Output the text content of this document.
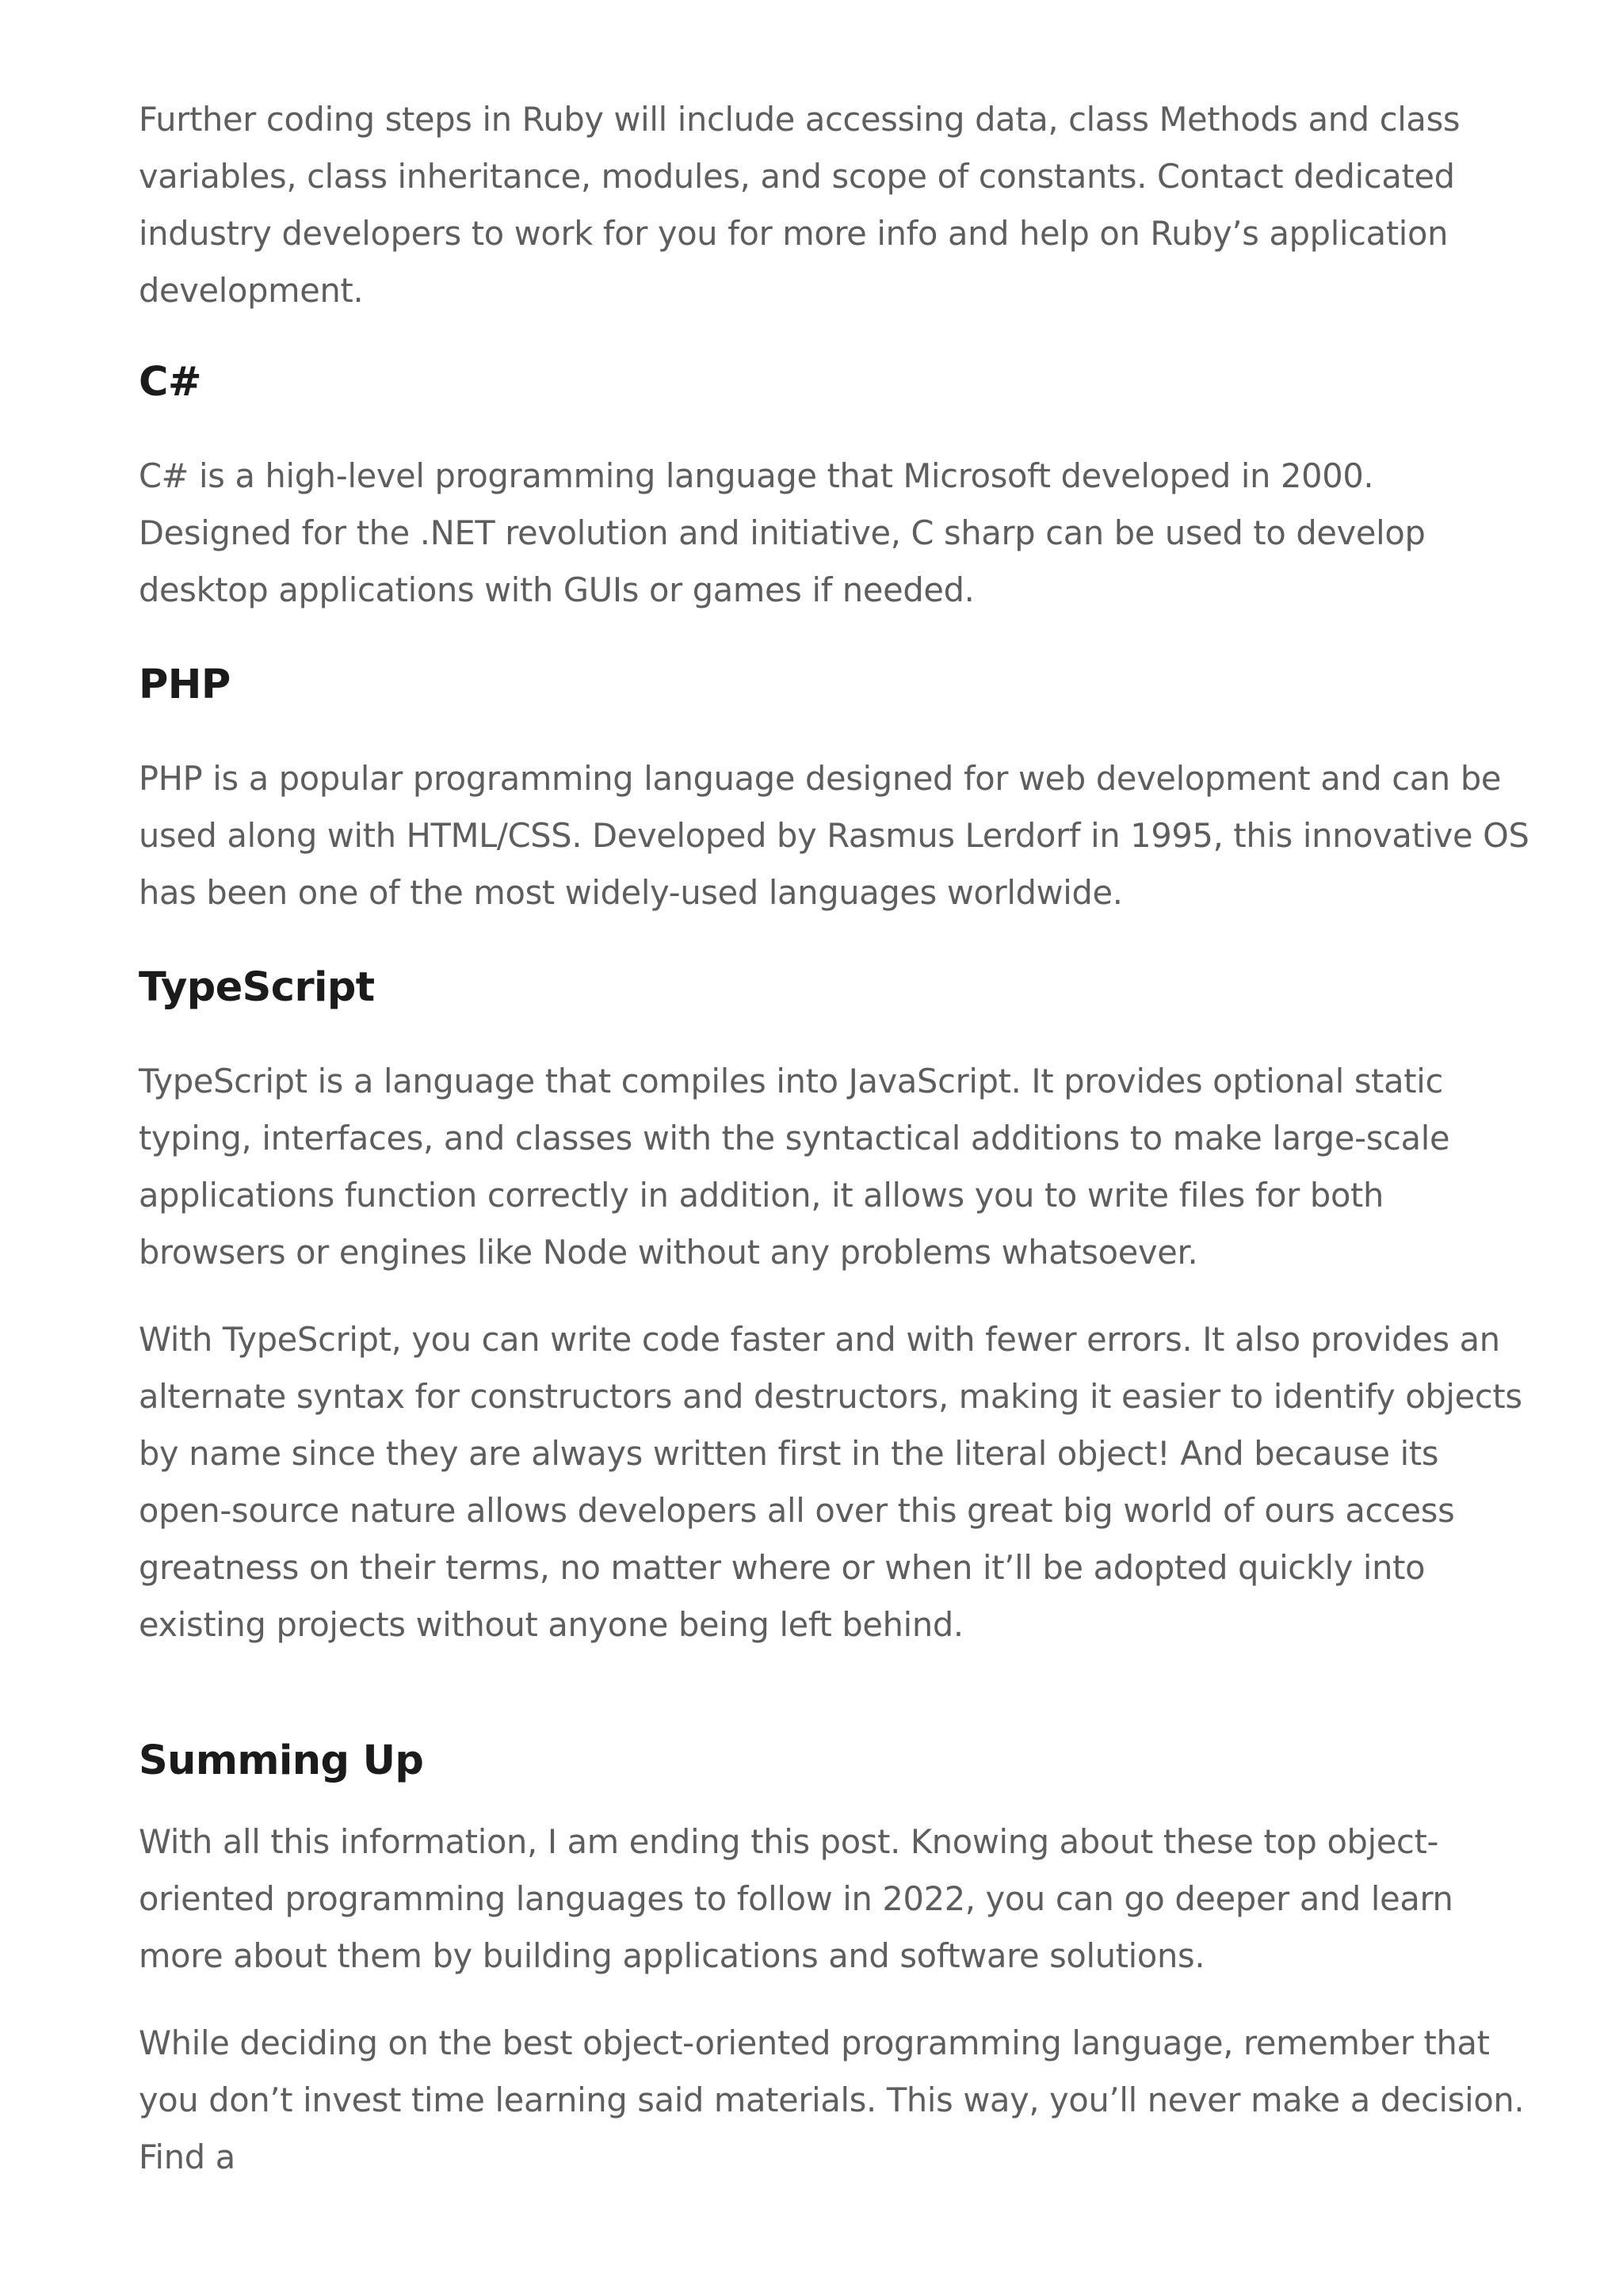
Further coding steps in Ruby will include accessing data, class Methods and class variables, class inheritance, modules, and scope of constants. Contact dedicated industry developers to work for you for more info and help on Ruby’s application development.

C#

C# is a high-level programming language that Microsoft developed in 2000. Designed for the .NET revolution and initiative, C sharp can be used to develop desktop applications with GUIs or games if needed.

PHP

PHP is a popular programming language designed for web development and can be used along with HTML/CSS. Developed by Rasmus Lerdorf in 1995, this innovative OS has been one of the most widely-used languages worldwide.

TypeScript

TypeScript is a language that compiles into JavaScript. It provides optional static typing, interfaces, and classes with the syntactical additions to make large-scale applications function correctly in addition, it allows you to write files for both browsers or engines like Node without any problems whatsoever.

With TypeScript, you can write code faster and with fewer errors. It also provides an alternate syntax for constructors and destructors, making it easier to identify objects by name since they are always written first in the literal object! And because its open-source nature allows developers all over this great big world of ours access greatness on their terms, no matter where or when it’ll be adopted quickly into existing projects without anyone being left behind.

Summing Up

With all this information, I am ending this post. Knowing about these top object-oriented programming languages to follow in 2022, you can go deeper and learn more about them by building applications and software solutions.

While deciding on the best object-oriented programming language, remember that you don’t invest time learning said materials. This way, you’ll never make a decision. Find a
